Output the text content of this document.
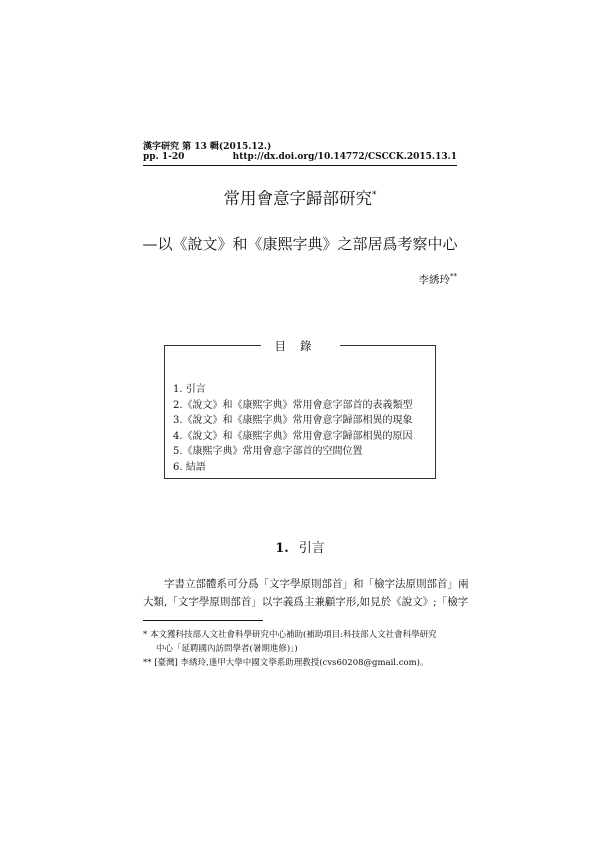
漢字研究 第 13 輯(2015.12.)
pp. 1-20	http://dx.doi.org/10.14772/CSCCK.2015.13.1
常用會意字歸部研究*
—以《說文》和《康熙字典》之部居爲考察中心
李綉玲**
目錄
1. 引言
2.《說文》和《康熙字典》常用會意字部首的表義類型
3.《說文》和《康熙字典》常用會意字歸部相異的現象
4.《說文》和《康熙字典》常用會意字歸部相異的原因
5.《康熙字典》常用會意字部首的空間位置
6. 結語
1. 引言
字書立部體系可分爲「文字學原則部首」和「檢字法原則部首」兩
大類,「文字學原則部首」以字義爲主兼顧字形,如見於《說文》;「檢字
* 本文獲科技部人文社會科學研究中心補助(補助項目:科技部人文社會科學研究
中心「延聘國內訪問學者(暑期進修)」)
** [臺灣] 李綉玲,逢甲大學中國文學系助理教授(cvs60208@gmail.com)。
